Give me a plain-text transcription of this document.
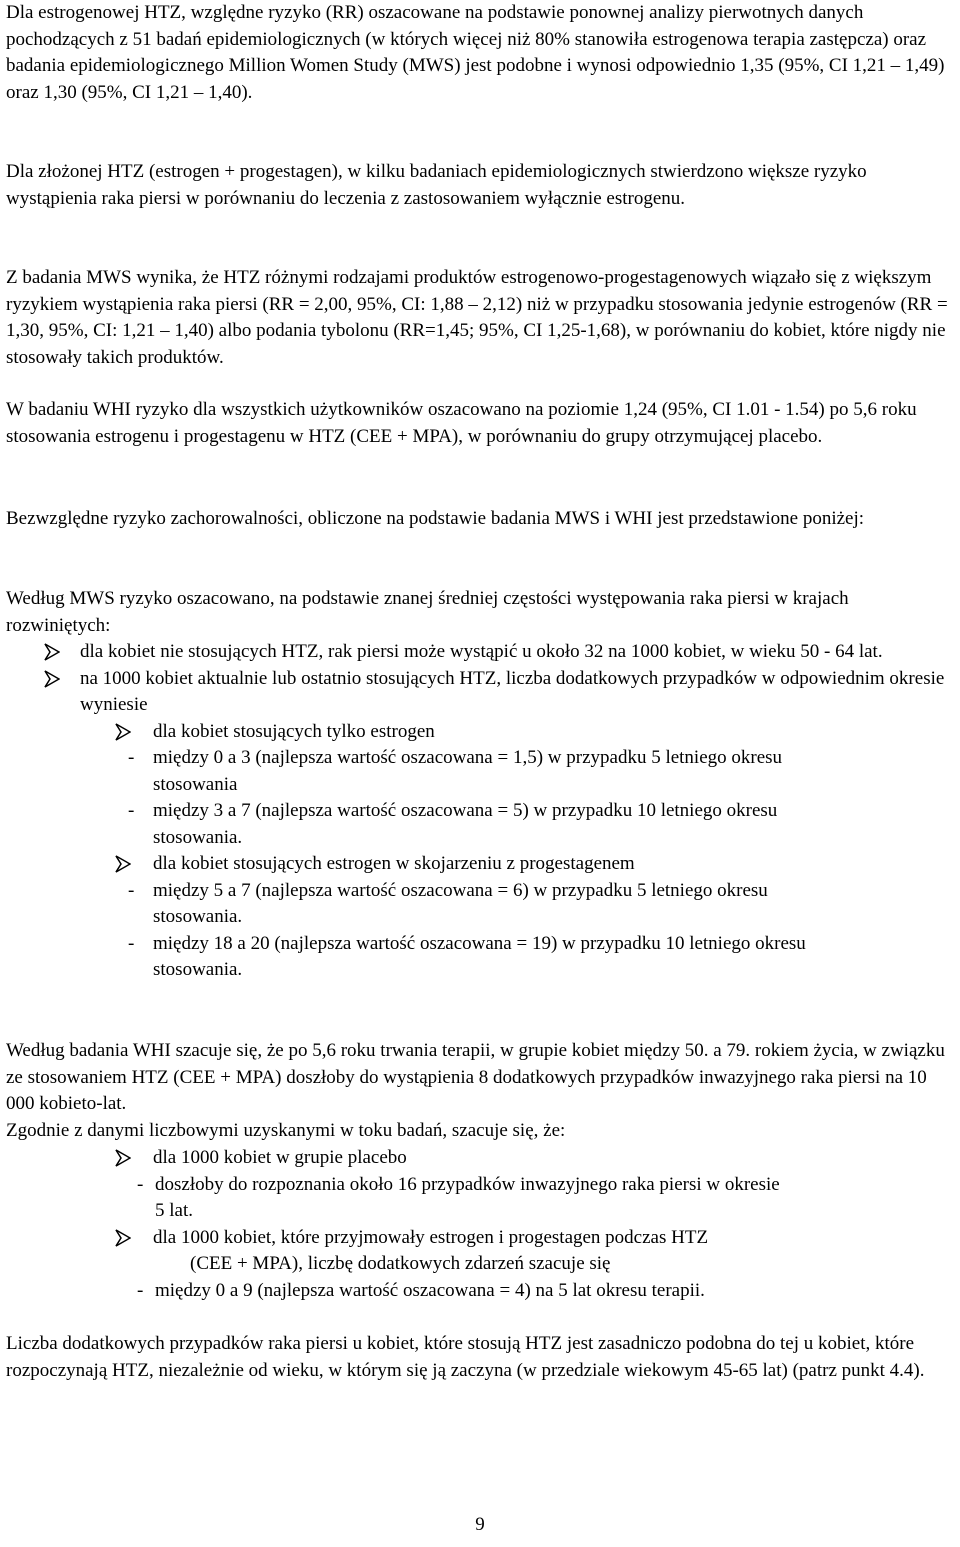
Dla estrogenowej HTZ, względne ryzyko (RR) oszacowane na podstawie ponownej analizy pierwotnych danych pochodzących z 51 badań epidemiologicznych (w których więcej niż 80% stanowiła estrogenowa terapia zastępcza) oraz badania epidemiologicznego Million Women Study (MWS) jest podobne i wynosi odpowiednio 1,35 (95%, CI 1,21 – 1,49) oraz 1,30 (95%, CI 1,21 – 1,40).

Dla złożonej HTZ (estrogen + progestagen), w kilku badaniach epidemiologicznych stwierdzono większe ryzyko wystąpienia raka piersi w porównaniu do leczenia z zastosowaniem wyłącznie estrogenu.

Z badania MWS wynika, że HTZ różnymi rodzajami produktów estrogenowo-progestagenowych wiązało się z większym ryzykiem wystąpienia raka piersi (RR = 2,00, 95%, CI: 1,88 – 2,12) niż w przypadku stosowania jedynie estrogenów (RR = 1,30, 95%, CI: 1,21 – 1,40) albo podania tybolonu (RR=1,45; 95%, CI 1,25-1,68), w porównaniu do kobiet, które nigdy nie stosowały takich produktów.

W badaniu WHI ryzyko dla wszystkich użytkowników oszacowano na poziomie 1,24 (95%, CI 1.01 - 1.54) po 5,6 roku stosowania estrogenu i progestagenu w HTZ (CEE + MPA), w porównaniu do grupy otrzymującej placebo.

Bezwzględne ryzyko zachorowalności, obliczone na podstawie badania MWS i WHI jest przedstawione poniżej:

Według MWS ryzyko oszacowano, na podstawie znanej średniej częstości występowania raka piersi w krajach rozwiniętych:

dla kobiet nie stosujących HTZ, rak piersi może wystąpić u około 32 na 1000 kobiet, w wieku 50 - 64 lat.
na 1000 kobiet aktualnie lub ostatnio stosujących HTZ, liczba dodatkowych przypadków w odpowiednim okresie wyniesie
dla kobiet stosujących tylko estrogen
- między 0 a 3 (najlepsza wartość oszacowana = 1,5) w przypadku 5 letniego okresu
stosowania
- między 3 a 7 (najlepsza wartość oszacowana = 5) w przypadku 10 letniego okresu
stosowania.
dla kobiet stosujących estrogen w skojarzeniu z progestagenem
- między 5 a 7 (najlepsza wartość oszacowana = 6) w przypadku 5 letniego okresu
stosowania.
- między 18 a 20 (najlepsza wartość oszacowana = 19) w przypadku 10 letniego okresu
stosowania.

Według badania WHI szacuje się, że po 5,6 roku trwania terapii, w grupie kobiet między 50. a 79. rokiem życia, w związku ze stosowaniem HTZ (CEE + MPA) doszłoby do wystąpienia 8 dodatkowych przypadków inwazyjnego raka piersi na 10 000 kobieto-lat.
Zgodnie z danymi liczbowymi uzyskanymi w toku badań, szacuje się, że:

dla 1000 kobiet w grupie placebo
- doszłoby do rozpoznania około 16 przypadków inwazyjnego raka piersi w okresie
5 lat.
dla 1000 kobiet, które przyjmowały estrogen i progestagen podczas HTZ
(CEE + MPA), liczbę dodatkowych zdarzeń szacuje się
- między 0 a 9 (najlepsza wartość oszacowana = 4) na 5 lat okresu terapii.

Liczba dodatkowych przypadków raka piersi u kobiet, które stosują HTZ jest zasadniczo podobna do tej u kobiet, które rozpoczynają HTZ, niezależnie od wieku, w którym się ją zaczyna (w przedziale wiekowym 45-65 lat) (patrz punkt 4.4).

9
